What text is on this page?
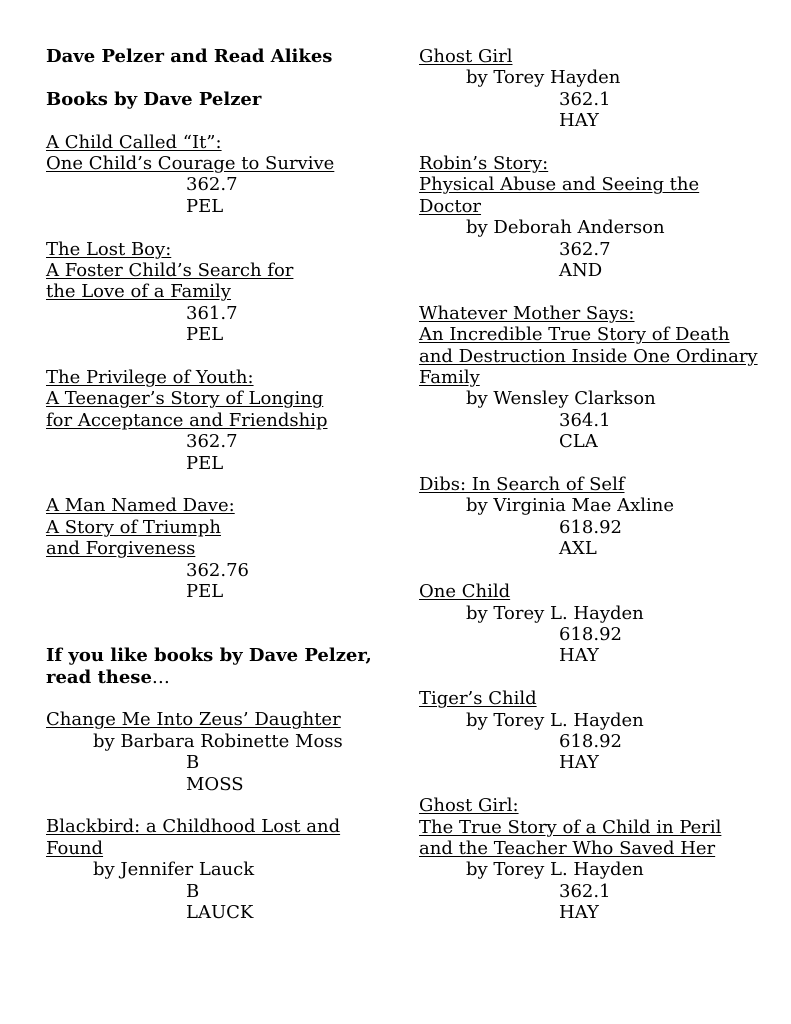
Dave Pelzer and Read Alikes

Books by Dave Pelzer

A Child Called “It”:

One Child’s Courage to Survive

362.7

PEL

The Lost Boy:

A Foster Child’s Search for

the Love of a Family

361.7

PEL

The Privilege of Youth:

A Teenager’s Story of Longing

for Acceptance and Friendship

362.7

PEL

A Man Named Dave:

A Story of Triumph

and Forgiveness

362.76

PEL

If you like books by Dave Pelzer,
read these…

Change Me Into Zeus’ Daughter

by Barbara Robinette Moss

B

MOSS

Blackbird: a Childhood Lost and

Found

by Jennifer Lauck

B

LAUCK

Ghost Girl

by Torey Hayden

362.1

HAY

Robin’s Story:

Physical Abuse and Seeing the

Doctor

by Deborah Anderson

362.7

AND

Whatever Mother Says:

An Incredible True Story of Death

and Destruction Inside One Ordinary

Family

by Wensley Clarkson

364.1

CLA

Dibs: In Search of Self

by Virginia Mae Axline

618.92

AXL

One Child

by Torey L. Hayden

618.92

HAY

Tiger’s Child

by Torey L. Hayden

618.92

HAY

Ghost Girl:

The True Story of a Child in Peril

and the Teacher Who Saved Her

by Torey L. Hayden

362.1

HAY
